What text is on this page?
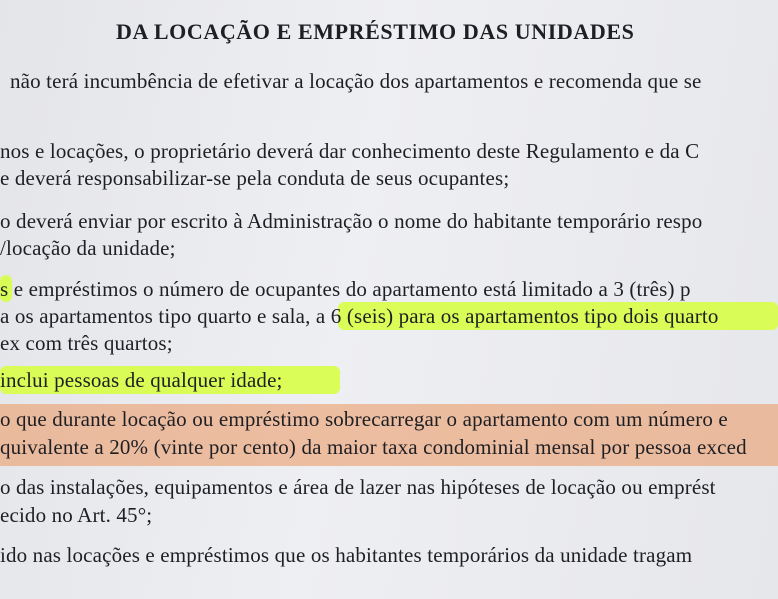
DA LOCAÇÃO E EMPRÉSTIMO DAS UNIDADES
não terá incumbência de efetivar a locação dos apartamentos e recomenda que se
nos e locações, o proprietário deverá dar conhecimento deste Regulamento e da C
e deverá responsabilizar-se pela conduta de seus ocupantes;
o deverá enviar por escrito à Administração o nome do habitante temporário respo
/locação da unidade;
s e empréstimos o número de ocupantes do apartamento está limitado a 3 (três) p
a os apartamentos tipo quarto e sala, a 6 (seis) para os apartamentos tipo dois quarto
ex com três quartos;
inclui pessoas de qualquer idade;
o que durante locação ou empréstimo sobrecarregar o apartamento com um número e
quivalente a 20% (vinte por cento) da maior taxa condominial mensal por pessoa exced
o das instalações, equipamentos e área de lazer nas hipóteses de locação ou emprést
ecido no Art. 45°;
ido nas locações e empréstimos que os habitantes temporários da unidade tragam
